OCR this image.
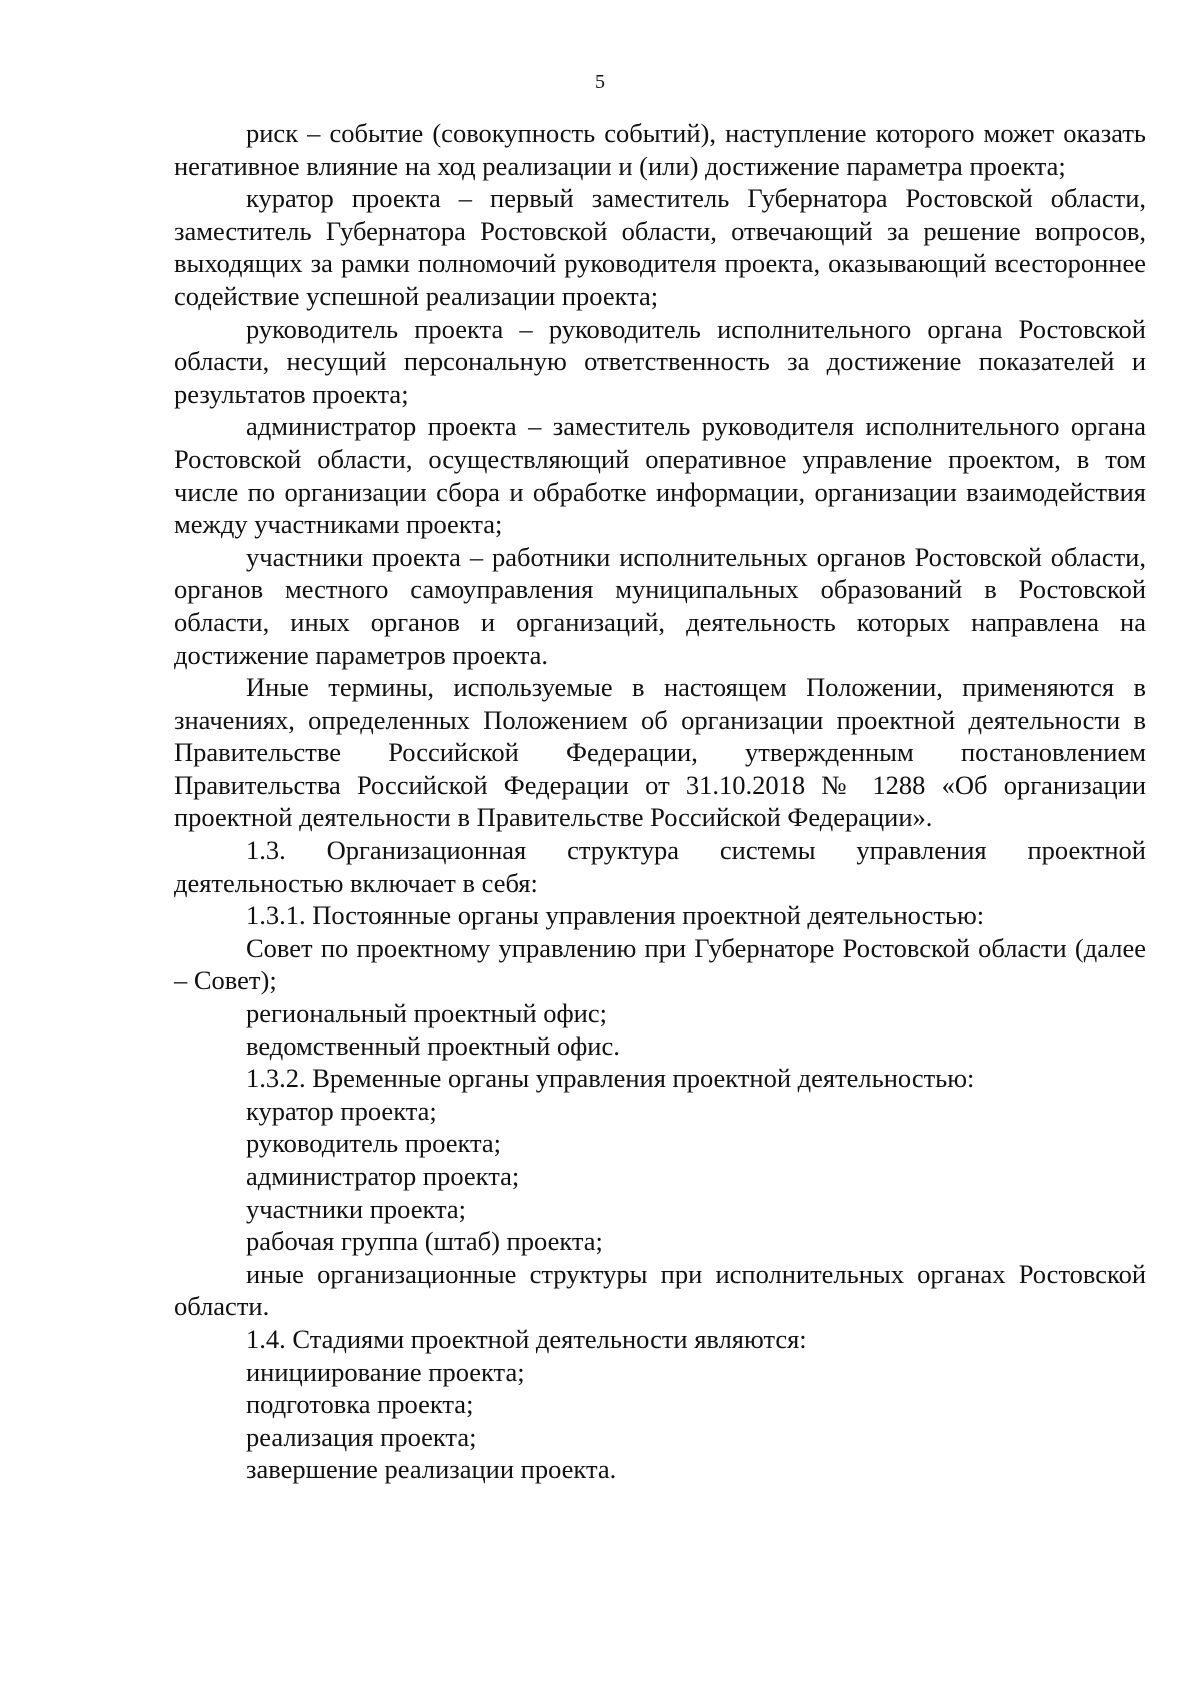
5

риск – событие (совокупность событий), наступление которого может оказать негативное влияние на ход реализации и (или) достижение параметра проекта;

куратор проекта – первый заместитель Губернатора Ростовской области, заместитель Губернатора Ростовской области, отвечающий за решение вопросов, выходящих за рамки полномочий руководителя проекта, оказывающий всестороннее содействие успешной реализации проекта;

руководитель проекта – руководитель исполнительного органа Ростовской области, несущий персональную ответственность за достижение показателей и результатов проекта;

администратор проекта – заместитель руководителя исполнительного органа Ростовской области, осуществляющий оперативное управление проектом, в том числе по организации сбора и обработке информации, организации взаимодействия между участниками проекта;

участники проекта – работники исполнительных органов Ростовской области, органов местного самоуправления муниципальных образований в Ростовской области, иных органов и организаций, деятельность которых направлена на достижение параметров проекта.

Иные термины, используемые в настоящем Положении, применяются в значениях, определенных Положением об организации проектной деятельности в Правительстве Российской Федерации, утвержденным постановлением Правительства Российской Федерации от 31.10.2018 № 1288 «Об организации проектной деятельности в Правительстве Российской Федерации».

1.3. Организационная структура системы управления проектной деятельностью включает в себя:

1.3.1. Постоянные органы управления проектной деятельностью:

Совет по проектному управлению при Губернаторе Ростовской области (далее – Совет);

региональный проектный офис;

ведомственный проектный офис.

1.3.2. Временные органы управления проектной деятельностью:

куратор проекта;

руководитель проекта;

администратор проекта;

участники проекта;

рабочая группа (штаб) проекта;

иные организационные структуры при исполнительных органах Ростовской области.

1.4. Стадиями проектной деятельности являются:

инициирование проекта;

подготовка проекта;

реализация проекта;

завершение реализации проекта.
